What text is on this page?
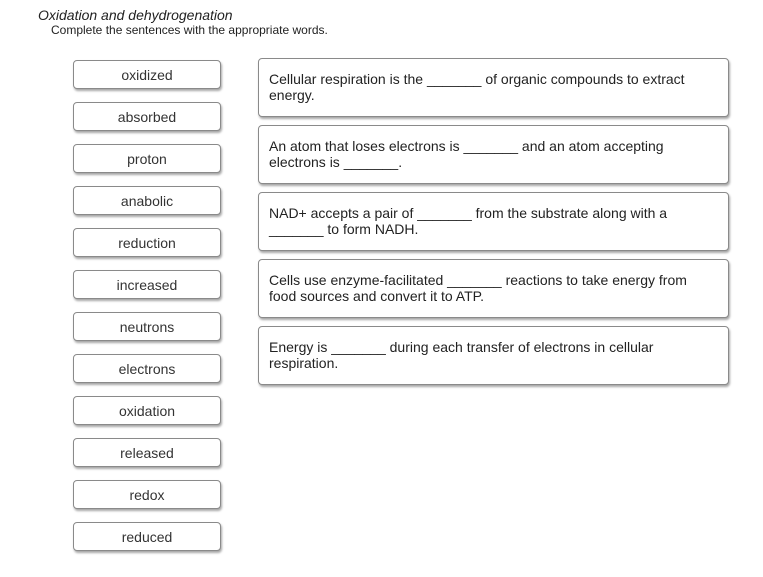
Oxidation and dehydrogenation
Complete the sentences with the appropriate words.
oxidized
absorbed
proton
anabolic
reduction
increased
neutrons
electrons
oxidation
released
redox
reduced
Cellular respiration is the _______ of organic compounds to extract energy.
An atom that loses electrons is _______ and an atom accepting electrons is _______.
NAD+ accepts a pair of _______ from the substrate along with a _______ to form NADH.
Cells use enzyme-facilitated _______ reactions to take energy from food sources and convert it to ATP.
Energy is _______ during each transfer of electrons in cellular respiration.
